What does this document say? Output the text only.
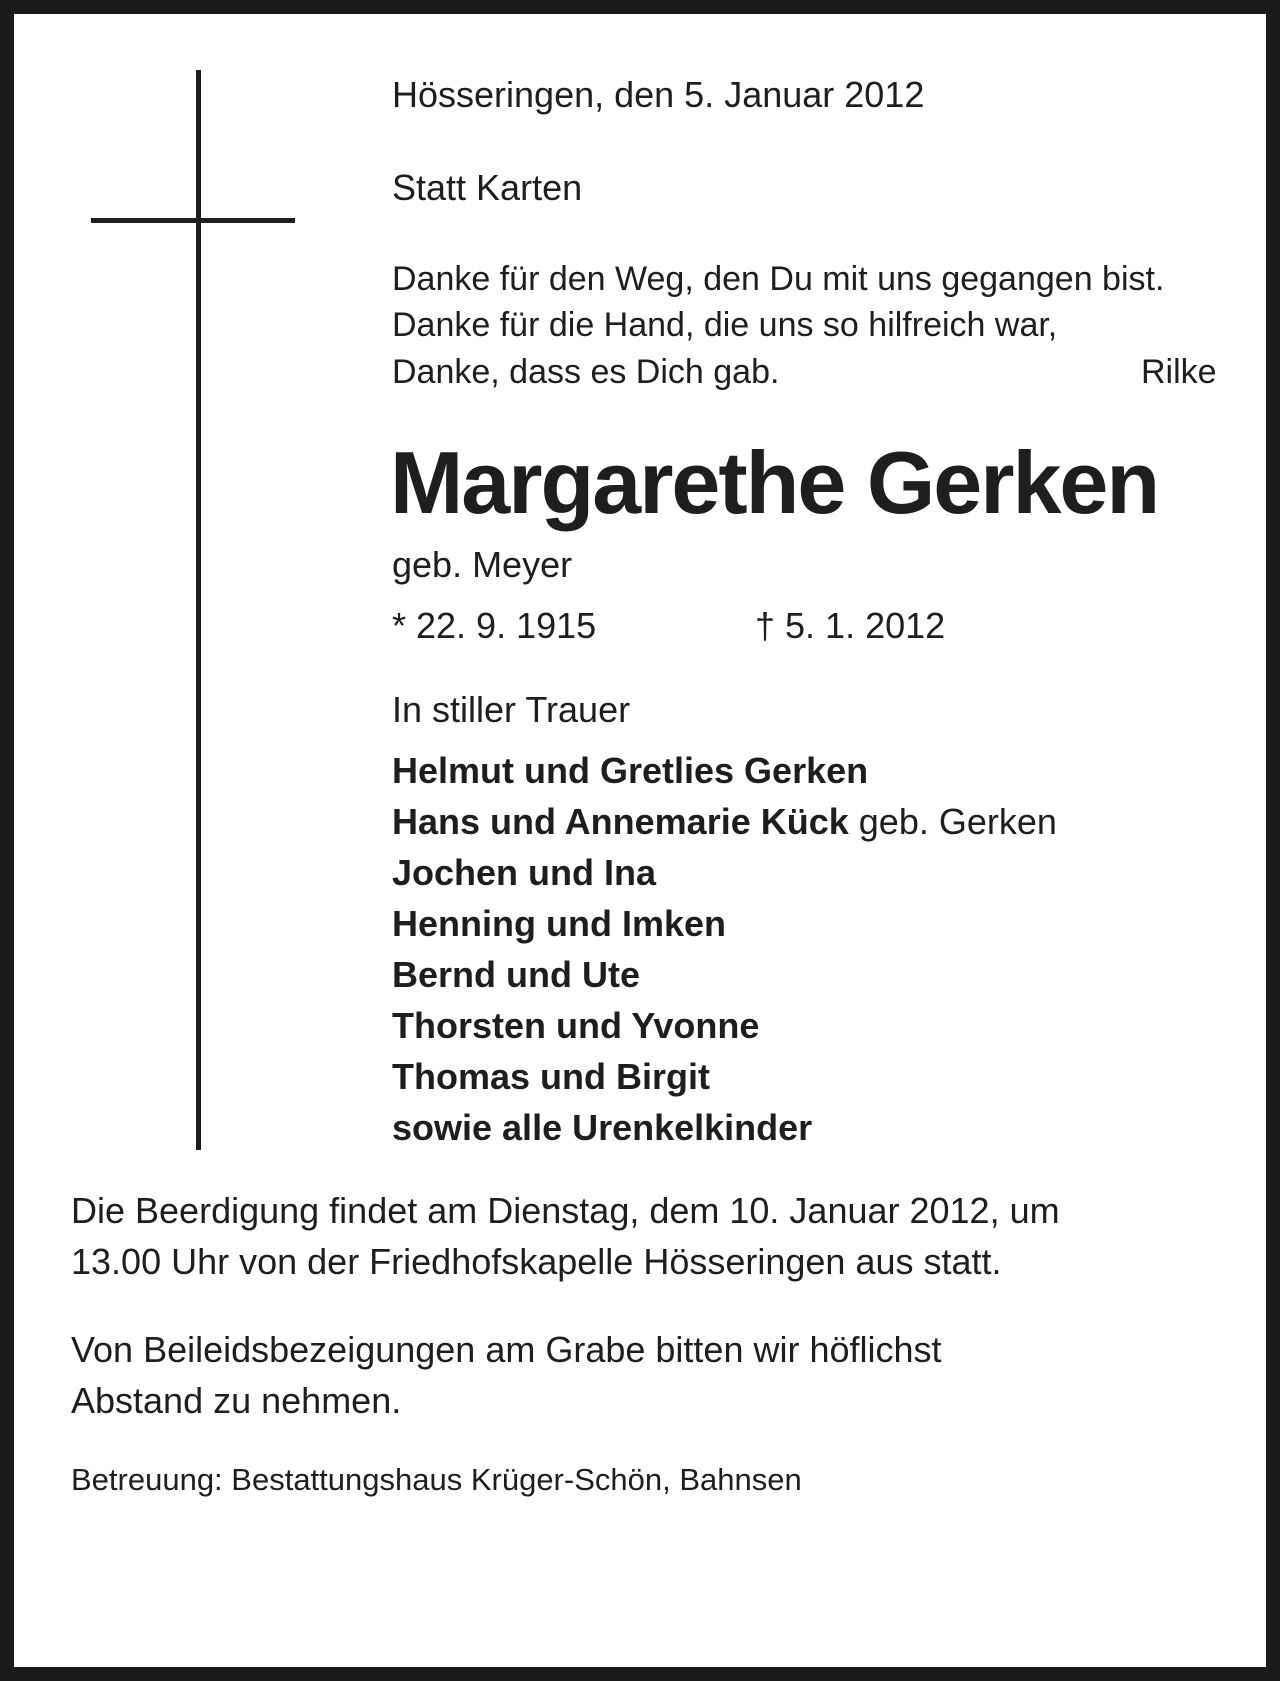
Hösseringen, den 5. Januar 2012
Statt Karten
Danke für den Weg, den Du mit uns gegangen bist.
Danke für die Hand, die uns so hilfreich war,
Danke, dass es Dich gab.	Rilke
Margarethe Gerken
geb. Meyer
* 22. 9. 1915	† 5. 1. 2012
In stiller Trauer
Helmut und Gretlies Gerken
Hans und Annemarie Kück geb. Gerken
Jochen und Ina
Henning und Imken
Bernd und Ute
Thorsten und Yvonne
Thomas und Birgit
sowie alle Urenkelkinder
Die Beerdigung findet am Dienstag, dem 10. Januar 2012, um
13.00 Uhr von der Friedhofskapelle Hösseringen aus statt.
Von Beileidsbezeigungen am Grabe bitten wir höflichst
Abstand zu nehmen.
Betreuung: Bestattungshaus Krüger-Schön, Bahnsen
